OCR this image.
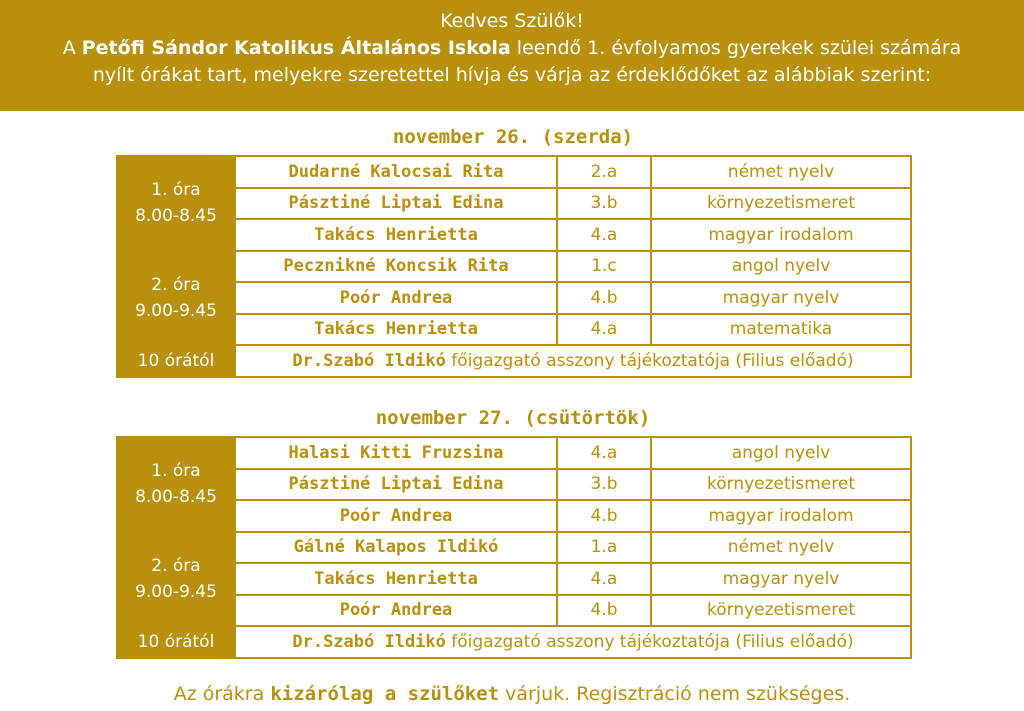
Kedves Szülők!
A Petőfi Sándor Katolikus Általános Iskola leendő 1. évfolyamos gyerekek szülei számára
nyílt órákat tart, melyekre szeretettel hívja és várja az érdeklődőket az alábbiak szerint:
november 26. (szerda)
1. óra
8.00-8.45	Dudarné Kalocsai Rita	2.a	német nyelv
	Pásztiné Liptai Edina	3.b	környezetismeret
	Takács Henrietta	4.a	magyar irodalom
2. óra
9.00-9.45	Pecznikné Koncsik Rita	1.c	angol nyelv
	Poór Andrea	4.b	magyar nyelv
	Takács Henrietta	4.a	matematika
10 órától	Dr.Szabó Ildikó főigazgató asszony tájékoztatója (Filius előadó)		
november 27. (csütörtök)
1. óra
8.00-8.45	Halasi Kitti Fruzsina	4.a	angol nyelv
	Pásztiné Liptai Edina	3.b	környezetismeret
	Poór Andrea	4.b	magyar irodalom
2. óra
9.00-9.45	Gálné Kalapos Ildikó	1.a	német nyelv
	Takács Henrietta	4.a	magyar nyelv
	Poór Andrea	4.b	környezetismeret
10 órától	Dr.Szabó Ildikó főigazgató asszony tájékoztatója (Filius előadó)		
Az órákra kizárólag a szülőket várjuk. Regisztráció nem szükséges.
